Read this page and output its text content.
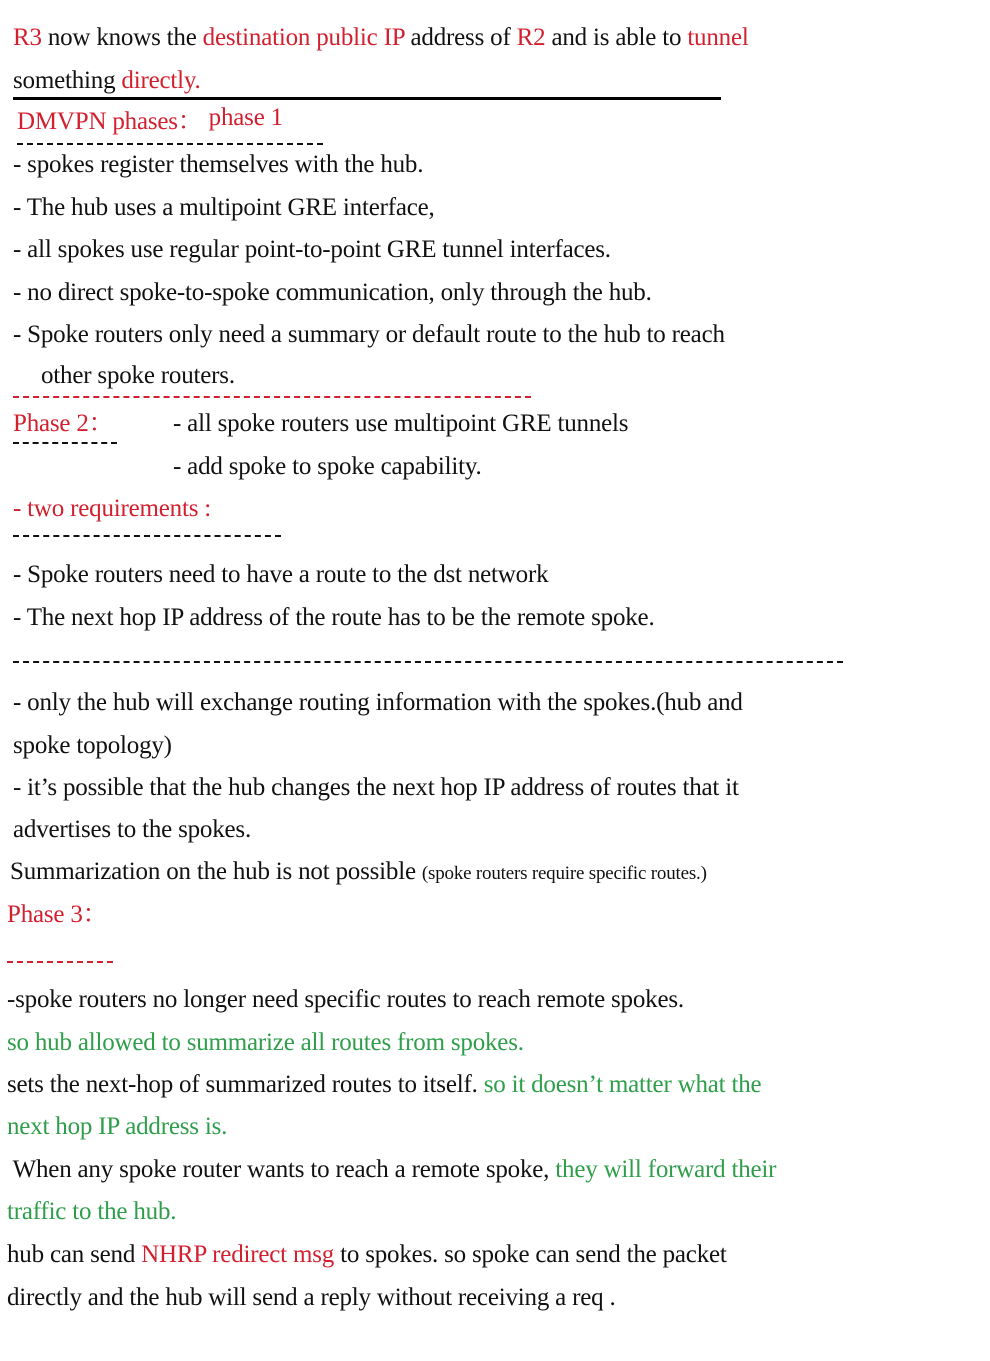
R3 now knows the destination public IP address of R2 and is able to tunnel
something directly.
DMVPN phases： phase 1
- spokes register themselves with the hub.
- The hub uses a multipoint GRE interface,
- all spokes use regular point-to-point GRE tunnel interfaces.
- no direct spoke-to-spoke communication, only through the hub.
- Spoke routers only need a summary or default route to the hub to reach
other spoke routers.
Phase 2： - all spoke routers use multipoint GRE tunnels
- add spoke to spoke capability.
- two requirements :
- Spoke routers need to have a route to the dst network
- The next hop IP address of the route has to be the remote spoke.
- only the hub will exchange routing information with the spokes.(hub and
spoke topology)
- it’s possible that the hub changes the next hop IP address of routes that it
advertises to the spokes.
Summarization on the hub is not possible (spoke routers require specific routes.)
Phase 3：
-spoke routers no longer need specific routes to reach remote spokes.
so hub allowed to summarize all routes from spokes.
sets the next-hop of summarized routes to itself. so it doesn’t matter what the
next hop IP address is.
When any spoke router wants to reach a remote spoke, they will forward their
traffic to the hub.
hub can send NHRP redirect msg to spokes. so spoke can send the packet
directly and the hub will send a reply without receiving a req .
